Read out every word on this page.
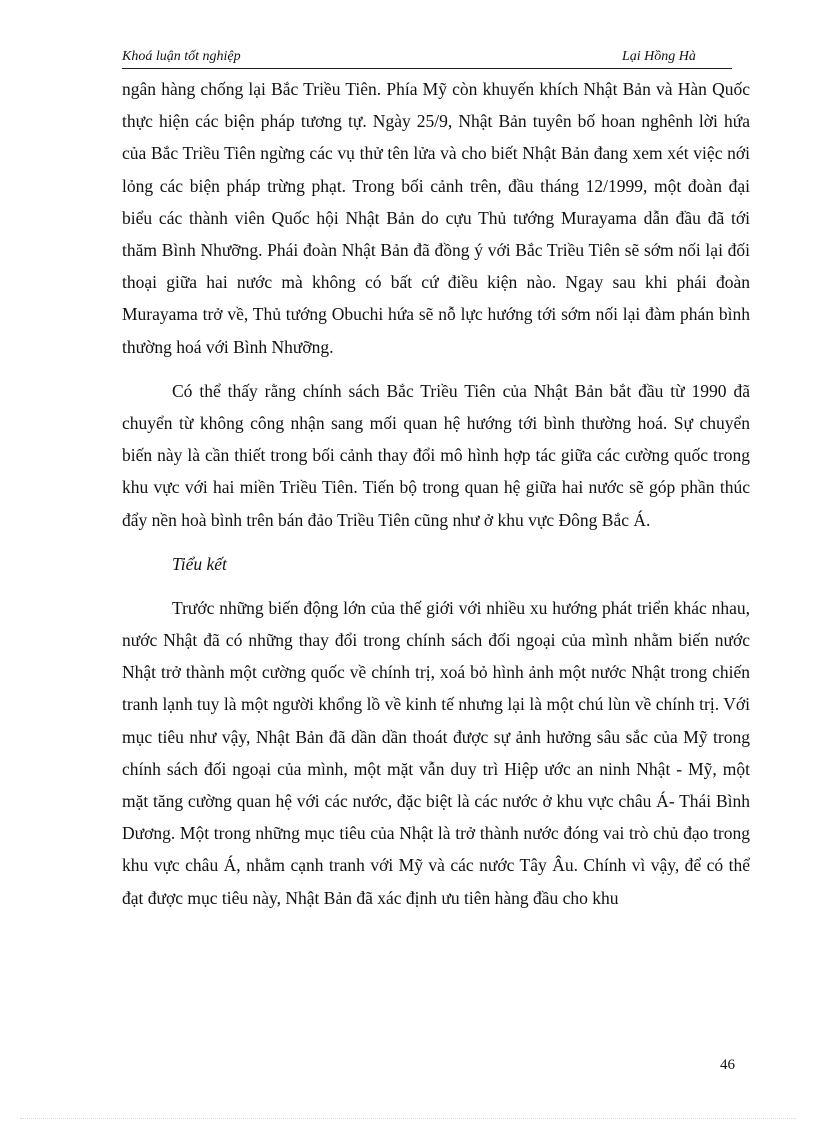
Khoá luận tốt nghiệp	Lại Hồng Hà

ngân hàng chống lại Bắc Triều Tiên. Phía Mỹ còn khuyến khích Nhật Bản và Hàn Quốc thực hiện các biện pháp tương tự. Ngày 25/9, Nhật Bản tuyên bố hoan nghênh lời hứa của Bắc Triều Tiên ngừng các vụ thử tên lửa và cho biết Nhật Bản đang xem xét việc nới lỏng các biện pháp trừng phạt. Trong bối cảnh trên, đầu tháng 12/1999, một đoàn đại biểu các thành viên Quốc hội Nhật Bản do cựu Thủ tướng Murayama dẫn đầu đã tới thăm Bình Nhưỡng. Phái đoàn Nhật Bản đã đồng ý với Bắc Triều Tiên sẽ sớm nối lại đối thoại giữa hai nước mà không có bất cứ điều kiện nào. Ngay sau khi phái đoàn Murayama trở về, Thủ tướng Obuchi hứa sẽ nỗ lực hướng tới sớm nối lại đàm phán bình thường hoá với Bình Nhưỡng.

Có thể thấy rằng chính sách Bắc Triều Tiên của Nhật Bản bắt đầu từ 1990 đã chuyển từ không công nhận sang mối quan hệ hướng tới bình thường hoá. Sự chuyển biến này là cần thiết trong bối cảnh thay đổi mô hình hợp tác giữa các cường quốc trong khu vực với hai miền Triều Tiên. Tiến bộ trong quan hệ giữa hai nước sẽ góp phần thúc đẩy nền hoà bình trên bán đảo Triều Tiên cũng như ở khu vực Đông Bắc Á.

Tiểu kết

Trước những biến động lớn của thế giới với nhiều xu hướng phát triển khác nhau, nước Nhật đã có những thay đổi trong chính sách đối ngoại của mình nhằm biến nước Nhật trở thành một cường quốc về chính trị, xoá bỏ hình ảnh một nước Nhật trong chiến tranh lạnh tuy là một người khổng lồ về kinh tế nhưng lại là một chú lùn về chính trị. Với mục tiêu như vậy, Nhật Bản đã dần dần thoát được sự ảnh hưởng sâu sắc của Mỹ trong chính sách đối ngoại của mình, một mặt vẫn duy trì Hiệp ước an ninh Nhật - Mỹ, một mặt tăng cường quan hệ với các nước, đặc biệt là các nước ở khu vực châu Á- Thái Bình Dương. Một trong những mục tiêu của Nhật là trở thành nước đóng vai trò chủ đạo trong khu vực châu Á, nhằm cạnh tranh với Mỹ và các nước Tây Âu. Chính vì vậy, để có thể đạt được mục tiêu này, Nhật Bản đã xác định ưu tiên hàng đầu cho khu

46
